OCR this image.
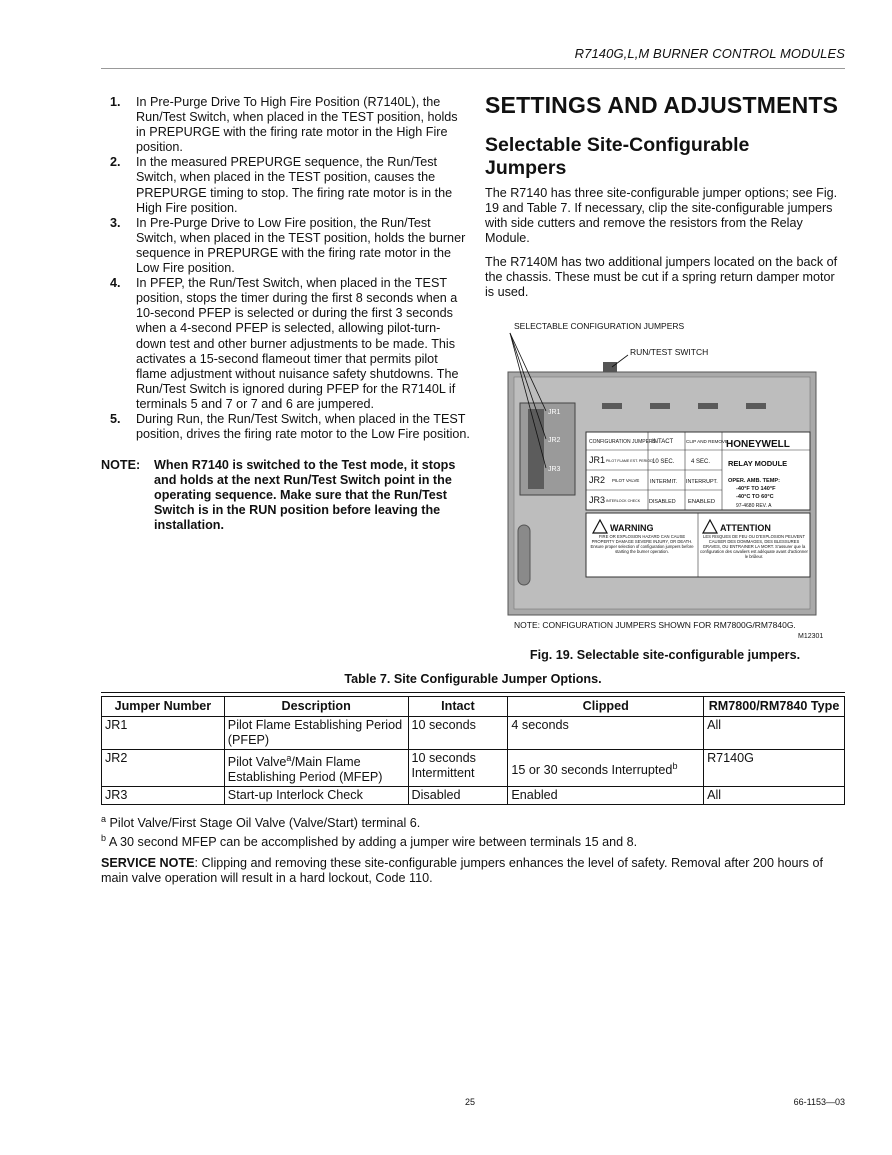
R7140G,L,M BURNER CONTROL MODULES
1. In Pre-Purge Drive To High Fire Position (R7140L), the Run/Test Switch, when placed in the TEST position, holds in PREPURGE with the firing rate motor in the High Fire position.
2. In the measured PREPURGE sequence, the Run/Test Switch, when placed in the TEST position, causes the PREPURGE timing to stop. The firing rate motor is in the High Fire position.
3. In Pre-Purge Drive to Low Fire position, the Run/Test Switch, when placed in the TEST position, holds the burner sequence in PREPURGE with the firing rate motor in the Low Fire position.
4. In PFEP, the Run/Test Switch, when placed in the TEST position, stops the timer during the first 8 seconds when a 10-second PFEP is selected or during the first 3 seconds when a 4-second PFEP is selected, allowing pilot-turn-down test and other burner adjustments to be made. This activates a 15-second flameout timer that permits pilot flame adjustment without nuisance safety shutdowns. The Run/Test Switch is ignored during PFEP for the R7140L if terminals 5 and 7 or 7 and 6 are jumpered.
5. During Run, the Run/Test Switch, when placed in the TEST position, drives the firing rate motor to the Low Fire position.
NOTE: When R7140 is switched to the Test mode, it stops and holds at the next Run/Test Switch point in the operating sequence. Make sure that the Run/Test Switch is in the RUN position before leaving the installation.
SETTINGS AND ADJUSTMENTS
Selectable Site-Configurable Jumpers
The R7140 has three site-configurable jumper options; see Fig. 19 and Table 7. If necessary, clip the site-configurable jumpers with side cutters and remove the resistors from the Relay Module.
The R7140M has two additional jumpers located on the back of the chassis. These must be cut if a spring return damper motor is used.
JR1
JR2
JR3
SELECTABLE CONFIGURATION JUMPERS
RUN/TEST SWITCH
CONFIGURATION JUMPERS
INTACT	CLIP AND REMOVE
JR1 PILOT FLAME EST. PERIOD 10 SEC.	4 SEC.
JR2 PILOT VALVE INTERMIT. INTERRUPT.
JR3 INTERLOCK CHECK DISABLED ENABLED
HONEYWELL
RELAY MODULE
OPER. AMB. TEMP:
-40°F TO 140°F
-40°C TO 60°C
97-4680 REV. A
WARNING
FIRE OR EXPLOSION HAZARD CAN CAUSE PROPERTY DAMAGE SEVERE INJURY, OR DEATH. Ensure proper selection of configuration jumpers before starting the burner operation.
ATTENTION
LES RISQUES DE FEU OU D'EXPLOSION PEUVENT CAUSER DES DOMMAGES, DES BLESSURES GRAVES, OU ENTRAINER LA MORT. S'assurer que la configuration des cavaliers est adéquate avant d'actionner le brûleur.
NOTE: CONFIGURATION JUMPERS SHOWN FOR RM7800G/RM7840G.
M12301
Fig. 19. Selectable site-configurable jumpers.
Table 7. Site Configurable Jumper Options.
Jumper Number	Description	Intact	Clipped	RM7800/RM7840 Type
JR1	Pilot Flame Establishing Period (PFEP)	10 seconds	4 seconds	All
JR2	Pilot Valve$^a$/Main Flame Establishing Period (MFEP)	10 seconds Intermittent	15 or 30 seconds Interrupted$^b$	R7140G
JR3	Start-up Interlock Check	Disabled	Enabled	All
$^a$ Pilot Valve/First Stage Oil Valve (Valve/Start) terminal 6.
$^b$ A 30 second MFEP can be accomplished by adding a jumper wire between terminals 15 and 8.
SERVICE NOTE: Clipping and removing these site-configurable jumpers enhances the level of safety. Removal after 200 hours of main valve operation will result in a hard lockout, Code 110.
25	66-1153—03
